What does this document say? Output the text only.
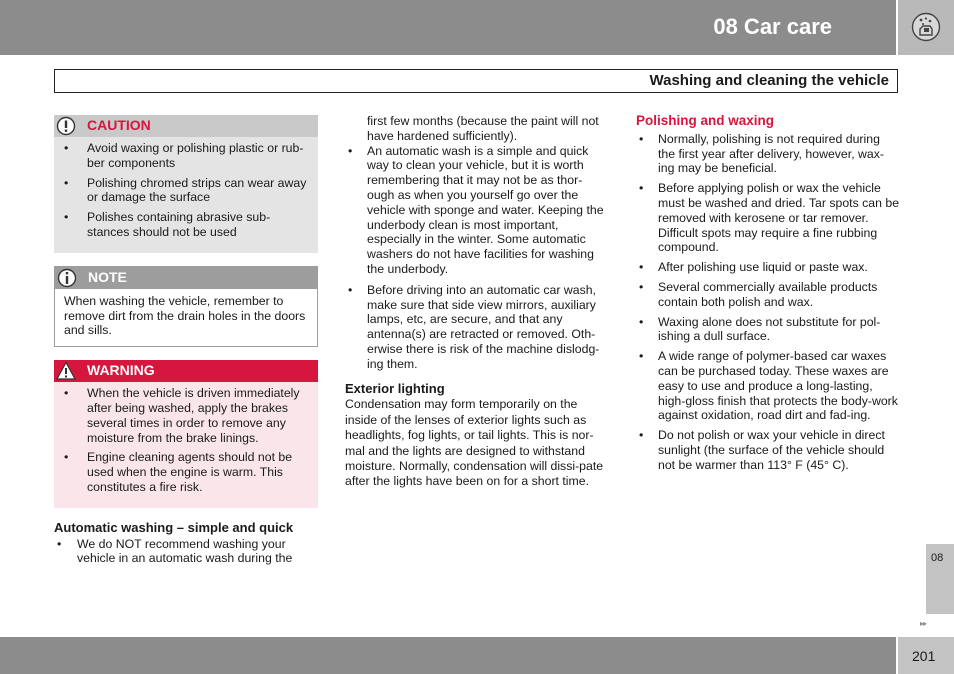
08 Car care
Washing and cleaning the vehicle
CAUTION
• Avoid waxing or polishing plastic or rub-ber components
• Polishing chromed strips can wear away or damage the surface
• Polishes containing abrasive sub-stances should not be used
NOTE

When washing the vehicle, remember to remove dirt from the drain holes in the doors and sills.

WARNING
• When the vehicle is driven immediately after being washed, apply the brakes several times in order to remove any moisture from the brake linings.
• Engine cleaning agents should not be used when the engine is warm. This constitutes a fire risk.
Automatic washing – simple and quick
• We do NOT recommend washing your vehicle in an automatic wash during the

first few months (because the paint will not have hardened sufficiently).

• An automatic wash is a simple and quick way to clean your vehicle, but it is worth remembering that it may not be as thor-ough as when you yourself go over the vehicle with sponge and water. Keeping the underbody clean is most important, especially in the winter. Some automatic washers do not have facilities for washing the underbody.
• Before driving into an automatic car wash, make sure that side view mirrors, auxiliary lamps, etc, are secure, and that any antenna(s) are retracted or removed. Oth-erwise there is risk of the machine dislodg-ing them.
Exterior lighting

Condensation may form temporarily on the inside of the lenses of exterior lights such as headlights, fog lights, or tail lights. This is nor-mal and the lights are designed to withstand moisture. Normally, condensation will dissi-pate after the lights have been on for a short time.

Polishing and waxing
• Normally, polishing is not required during the first year after delivery, however, wax-ing may be beneficial.
• Before applying polish or wax the vehicle must be washed and dried. Tar spots can be removed with kerosene or tar remover. Difficult spots may require a fine rubbing compound.
• After polishing use liquid or paste wax.
• Several commercially available products contain both polish and wax.
• Waxing alone does not substitute for pol-ishing a dull surface.
• A wide range of polymer-based car waxes can be purchased today. These waxes are easy to use and produce a long-lasting, high-gloss finish that protects the body-work against oxidation, road dirt and fad-ing.
• Do not polish or wax your vehicle in direct sunlight (the surface of the vehicle should not be warmer than 113° F (45° C).
08
▸▸
201
